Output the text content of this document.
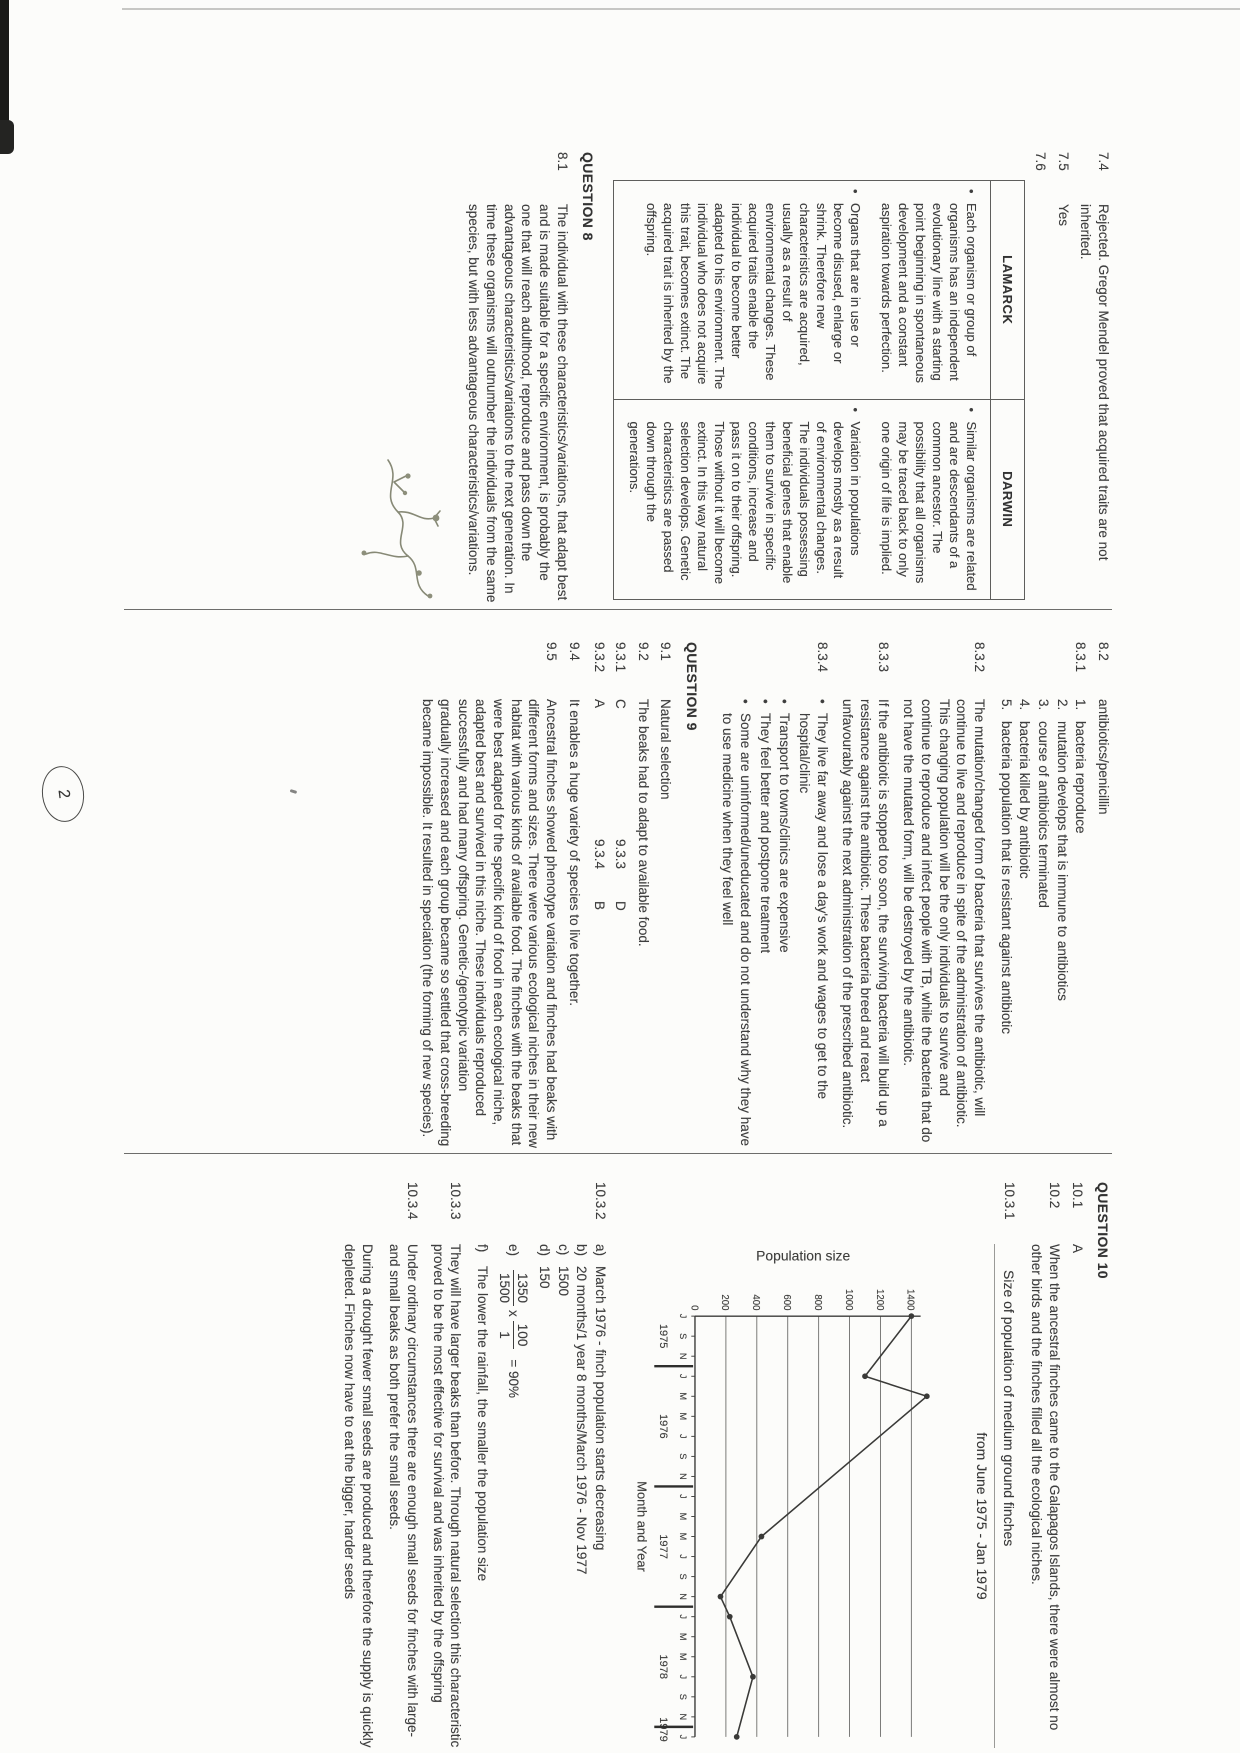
7.4
Rejected. Gregor Mendel proved that acquired traits are not inherited.
7.5
Yes
7.6
LAMARCK	DARWIN

•
Each organism or group of organisms has an independent evolutionary line with a starting point beginning in spontaneous development and a constant aspiration towards perfection.
•
Organs that are in use or become disused, enlarge or shrink. Therefore new characteristics are acquired, usually as a result of environmental changes. These acquired traits enable the individual to become better adapted to his environment. The individual who does not acquire this trait, becomes extinct. The acquired trait is inherited by the offspring.

•
Similar organisms are related and are descendants of a common ancestor. The possibility that all organisms may be traced back to only one origin of life is implied.
•
Variation in populations develops mostly as a result of environmental changes. The individuals possessing beneficial genes that enable them to survive in specific conditions, increase and pass it on to their offspring. Those without it will become extinct. In this way natural selection develops. Genetic characteristics are passed down through the generations.
QUESTION 8
8.1
The individual with these characteristics/variations, that adapt best and is made suitable for a specific environment, is probably the one that will reach adulthood, reproduce and pass down the advantageous characteristics/variations to the next generation. In time these organisms will outnumber the individuals from the same species, but with less advantageous characteristics/variations.
8.2
antibiotics/penicillin
8.3.1
1.
bacteria reproduce
2.
mutation develops that is immune to antibiotics
3.
course of antibiotics terminated
4.
bacteria killed by antibiotic
5.
bacteria population that is resistant against antibiotic
8.3.2
The mutation/changed form of bacteria that survives the antibiotic, will continue to live and reproduce in spite of the administration of antibiotic. This changing population will be the only individuals to survive and continue to reproduce and infect people with TB, while the bacteria that do not have the mutated form, will be destroyed by the antibiotic.
8.3.3
If the antibiotic is stopped too soon, the surviving bacteria will build up a resistance against the antibiotic. These bacteria breed and react unfavourably against the next administration of the prescribed antibiotic.
8.3.4
•
They live far away and lose a day's work and wages to get to the hospital/clinic
•
Transport to towns/clinics are expensive
•
They feel better and postpone treatment
•
Some are uninformed/uneducated and do not understand why they have to use medicine when they feel well
QUESTION 9
9.1
Natural selection
9.2
The beaks had to adapt to available food.
9.3.1
C
9.3.3
D
9.3.2
A
9.3.4
B
9.4
It enables a huge variety of species to live together.
9.5
Ancestral finches showed phenotype variation and finches had beaks with different forms and sizes. There were various ecological niches in their new habitat with various kinds of available food. The finches with the beaks that were best adapted for the specific kind of food in each ecological niche, adapted best and survived in this niche. These individuals reproduced successfully and had many offspring. Genetic-/genotypic variation gradually increased and each group became so settled that cross-breeding became impossible. It resulted in speciation (the forming of new species).
QUESTION 10
10.1
A
10.2
When the ancestral finches came to the Galapagos Islands, there were almost no other birds and the finches filled all the ecological niches.
10.3.1
Size of population of medium ground finches
from June 1975 - Jan 1979
0 200 400 600 800 1000 1200 1400
J
S
N
J
M
M
J
S
N
J
M
M
J
S
N
J
M
M
J
S
N
J
1975
1976
1977
1978
1979
Population size
Month and Year
10.3.2
a)
March 1976 - finch population starts decreasing
b)
20 months/1 year 8 months/March 1976 - Nov 1977
c)
1500
d)
150
e)
1350
1500
x
100
1
= 90%
f)
The lower the rainfall, the smaller the population size
10.3.3
They will have larger beaks than before. Through natural selection this characteristic proved to be the most effective for survival and was inherited by the offspring
10.3.4
Under ordinary circumstances there are enough small seeds for finches with large- and small beaks as both prefer the small seeds.
During a drought fewer small seeds are produced and therefore the supply is quickly depleted. Finches now have to eat the bigger, harder seeds
2
